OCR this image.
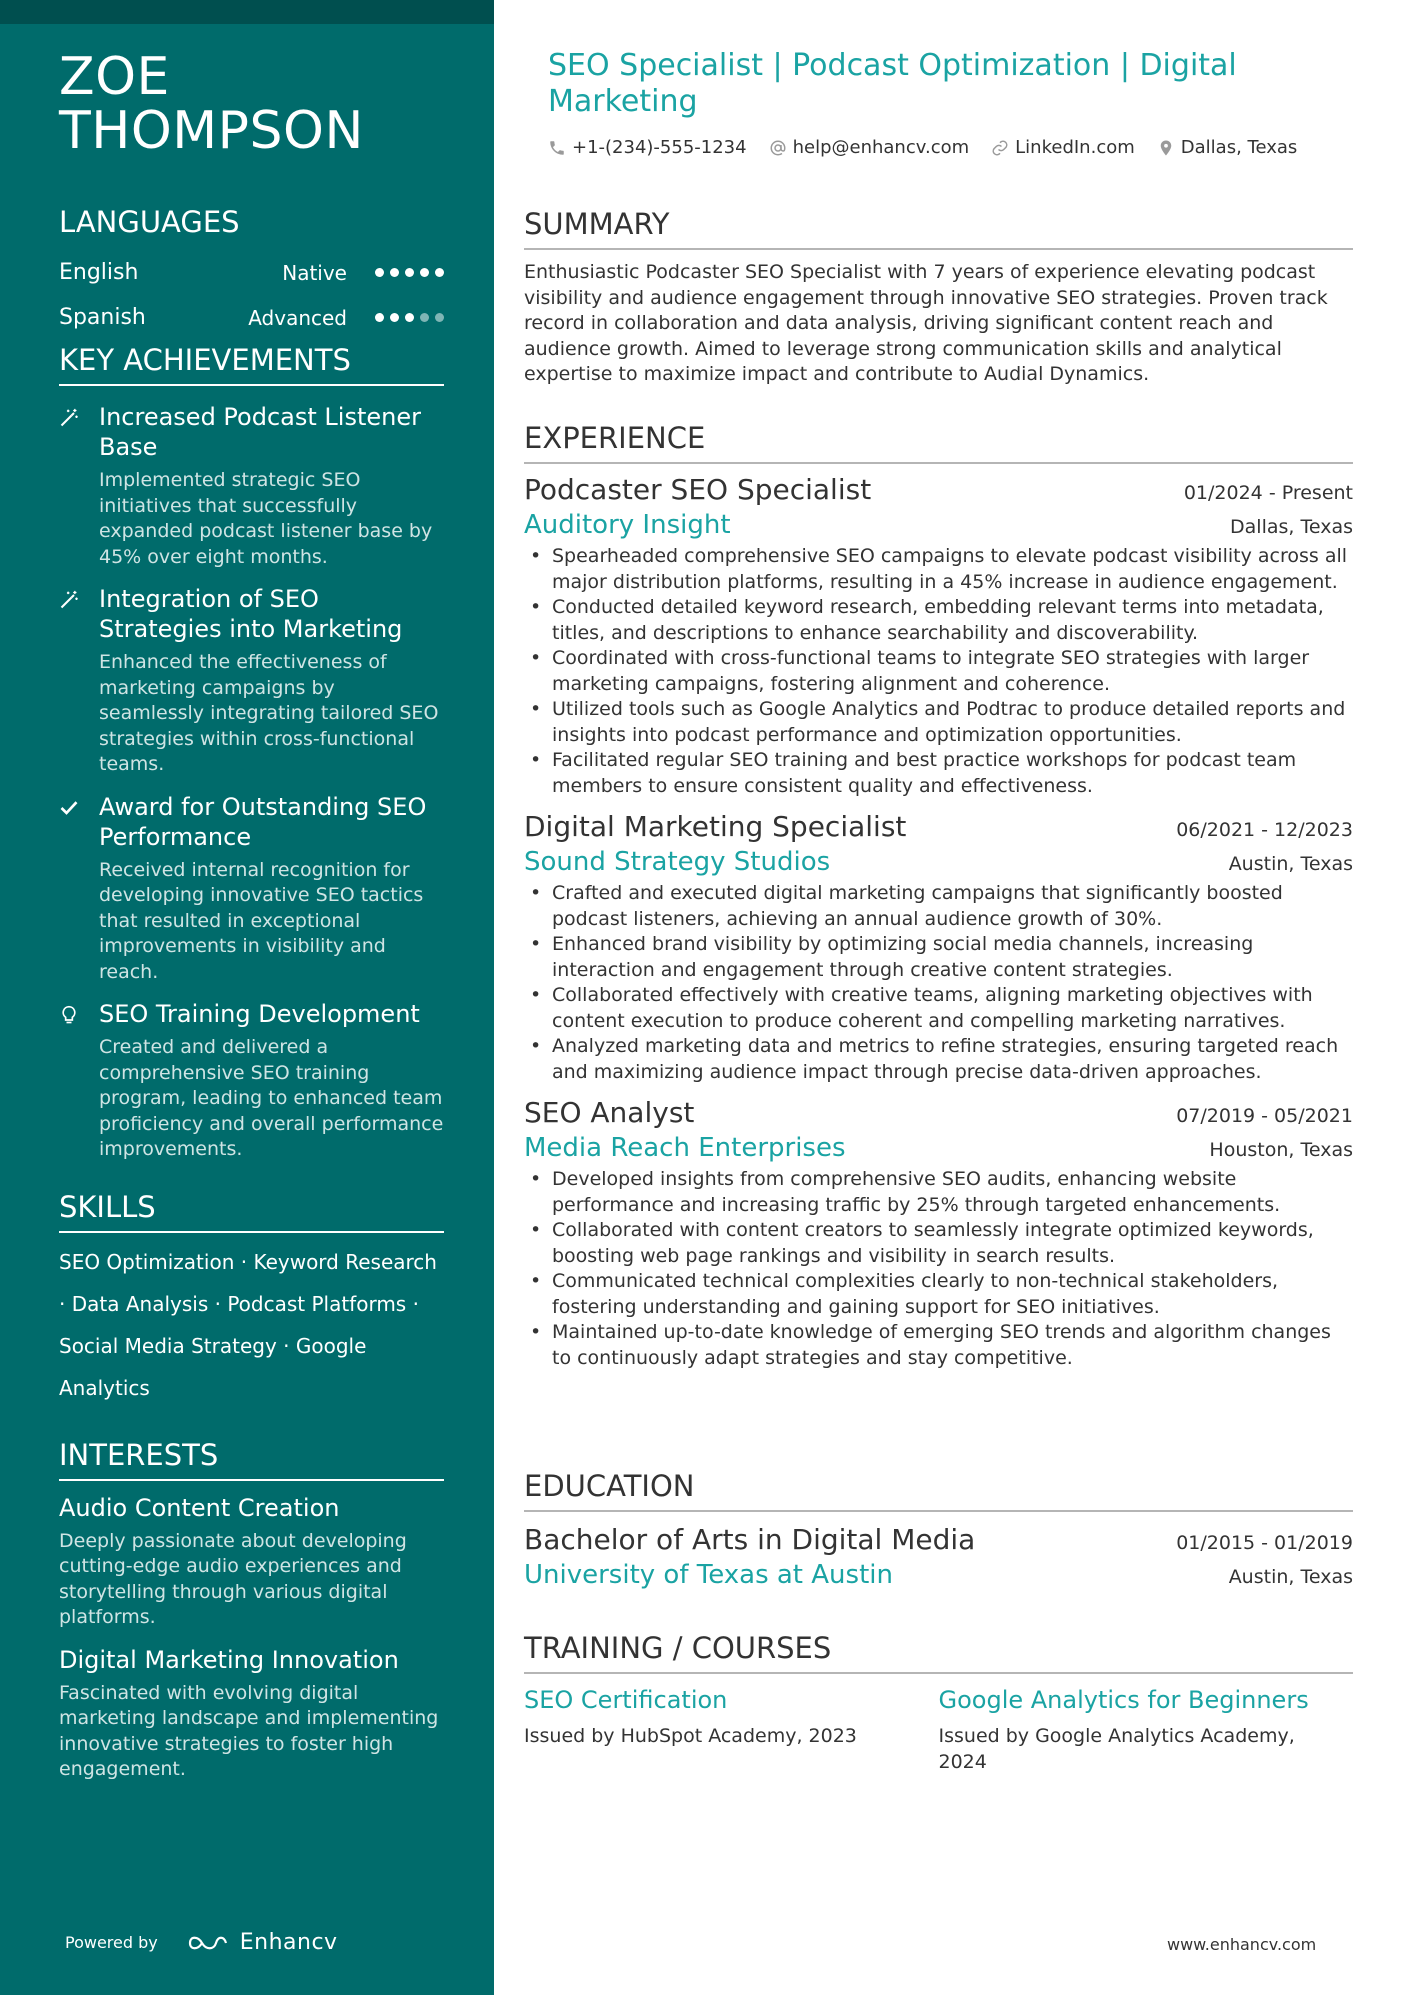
ZOE
THOMPSON
LANGUAGES
English	Native
Spanish	Advanced
KEY ACHIEVEMENTS
Increased Podcast Listener Base
Implemented strategic SEO initiatives that successfully expanded podcast listener base by 45% over eight months.
Integration of SEO Strategies into Marketing
Enhanced the effectiveness of marketing campaigns by seamlessly integrating tailored SEO strategies within cross-functional teams.
Award for Outstanding SEO Performance
Received internal recognition for developing innovative SEO tactics that resulted in exceptional improvements in visibility and reach.
SEO Training Development
Created and delivered a comprehensive SEO training program, leading to enhanced team proficiency and overall performance improvements.
SKILLS
SEO Optimization · Keyword Research · Data Analysis · Podcast Platforms · Social Media Strategy · Google Analytics
INTERESTS
Audio Content Creation
Deeply passionate about developing cutting-edge audio experiences and storytelling through various digital platforms.
Digital Marketing Innovation
Fascinated with evolving digital marketing landscape and implementing innovative strategies to foster high engagement.
Powered by	Enhancv
SEO Specialist | Podcast Optimization | Digital Marketing
+1-(234)-555-1234	help@enhancv.com	LinkedIn.com	Dallas, Texas
SUMMARY
Enthusiastic Podcaster SEO Specialist with 7 years of experience elevating podcast visibility and audience engagement through innovative SEO strategies. Proven track record in collaboration and data analysis, driving significant content reach and audience growth. Aimed to leverage strong communication skills and analytical expertise to maximize impact and contribute to Audial Dynamics.
EXPERIENCE
Podcaster SEO Specialist	01/2024 - Present
Auditory Insight	Dallas, Texas
• Spearheaded comprehensive SEO campaigns to elevate podcast visibility across all major distribution platforms, resulting in a 45% increase in audience engagement.
• Conducted detailed keyword research, embedding relevant terms into metadata, titles, and descriptions to enhance searchability and discoverability.
• Coordinated with cross-functional teams to integrate SEO strategies with larger marketing campaigns, fostering alignment and coherence.
• Utilized tools such as Google Analytics and Podtrac to produce detailed reports and insights into podcast performance and optimization opportunities.
• Facilitated regular SEO training and best practice workshops for podcast team members to ensure consistent quality and effectiveness.
Digital Marketing Specialist	06/2021 - 12/2023
Sound Strategy Studios	Austin, Texas
• Crafted and executed digital marketing campaigns that significantly boosted podcast listeners, achieving an annual audience growth of 30%.
• Enhanced brand visibility by optimizing social media channels, increasing interaction and engagement through creative content strategies.
• Collaborated effectively with creative teams, aligning marketing objectives with content execution to produce coherent and compelling marketing narratives.
• Analyzed marketing data and metrics to refine strategies, ensuring targeted reach and maximizing audience impact through precise data-driven approaches.
SEO Analyst	07/2019 - 05/2021
Media Reach Enterprises	Houston, Texas
• Developed insights from comprehensive SEO audits, enhancing website performance and increasing traffic by 25% through targeted enhancements.
• Collaborated with content creators to seamlessly integrate optimized keywords, boosting web page rankings and visibility in search results.
• Communicated technical complexities clearly to non-technical stakeholders, fostering understanding and gaining support for SEO initiatives.
• Maintained up-to-date knowledge of emerging SEO trends and algorithm changes to continuously adapt strategies and stay competitive.
EDUCATION
Bachelor of Arts in Digital Media	01/2015 - 01/2019
University of Texas at Austin	Austin, Texas
TRAINING / COURSES
SEO Certification
Issued by HubSpot Academy, 2023
Google Analytics for Beginners
Issued by Google Analytics Academy, 2024
www.enhancv.com
